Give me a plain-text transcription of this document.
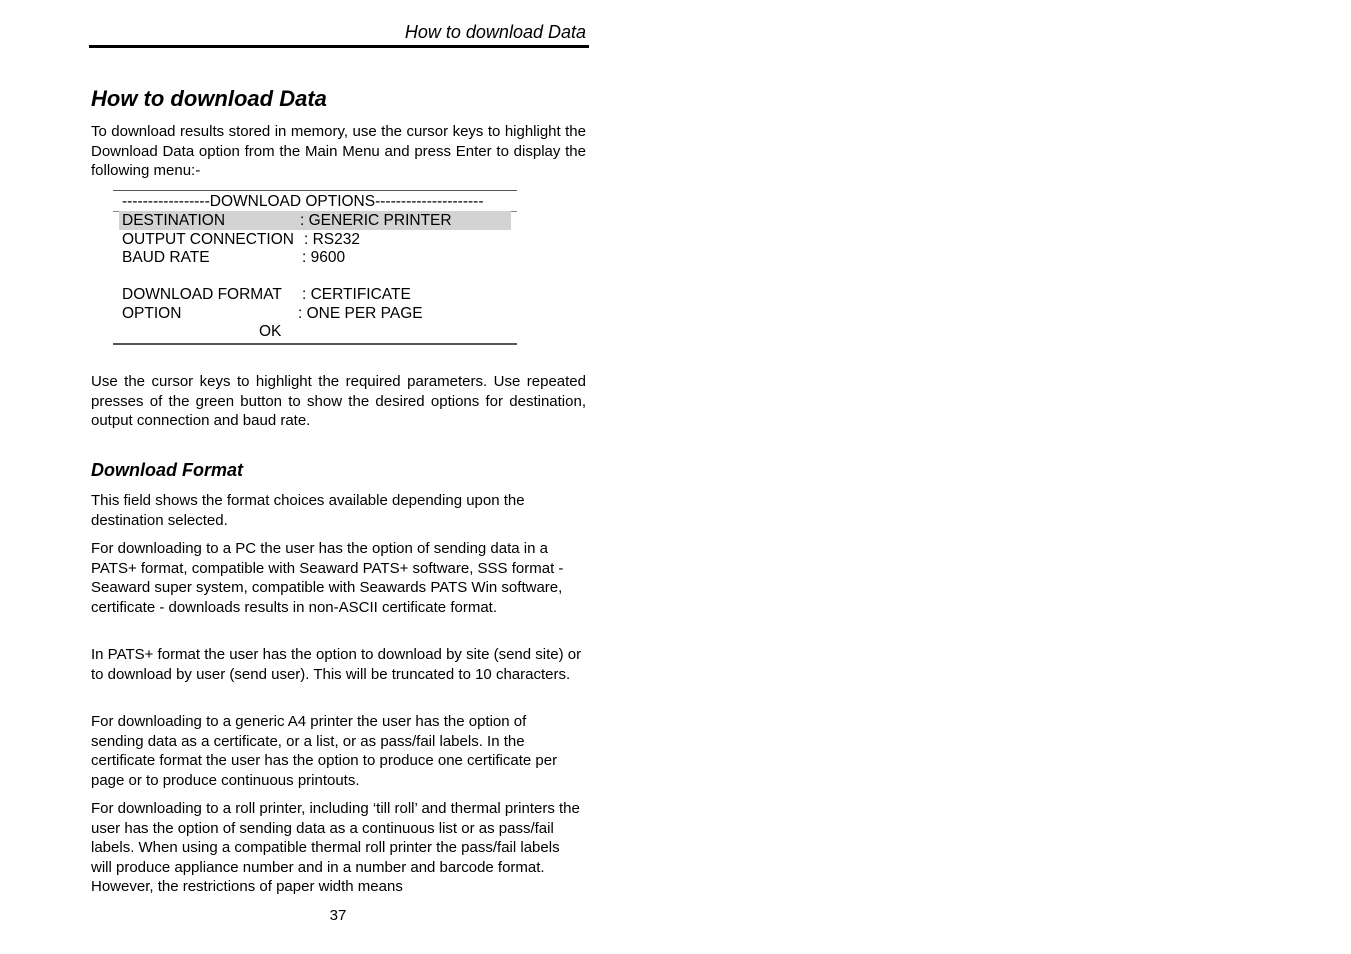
How to download Data
How to download Data
To download results stored in memory, use the cursor keys to highlight the Download Data option from the Main Menu and press Enter to display the following menu:-
-----------------DOWNLOAD OPTIONS---------------------
DESTINATION	: GENERIC PRINTER
OUTPUT CONNECTION : RS232
BAUD RATE	: 9600
DOWNLOAD FORMAT : CERTIFICATE
OPTION	: ONE PER PAGE
OK
Use the cursor keys to highlight the required parameters. Use repeated presses of the green button to show the desired options for destination, output connection and baud rate.
Download Format
This field shows the format choices available depending upon the destination selected.
For downloading to a PC the user has the option of sending data in a PATS+ format, compatible with Seaward PATS+ software, SSS format - Seaward super system, compatible with Seawards PATS Win software, certificate - downloads results in non-ASCII certificate format.
In PATS+ format the user has the option to download by site (send site) or to download by user (send user). This will be truncated to 10 characters.
For downloading to a generic A4 printer the user has the option of sending data as a certificate, or a list, or as pass/fail labels. In the certificate format the user has the option to produce one certificate per page or to produce continuous printouts.
For downloading to a roll printer, including ‘till roll’ and thermal printers the user has the option of sending data as a continuous list or as pass/fail labels. When using a compatible thermal roll printer the pass/fail labels will produce appliance number and in a number and barcode format. However, the restrictions of paper width means
37
